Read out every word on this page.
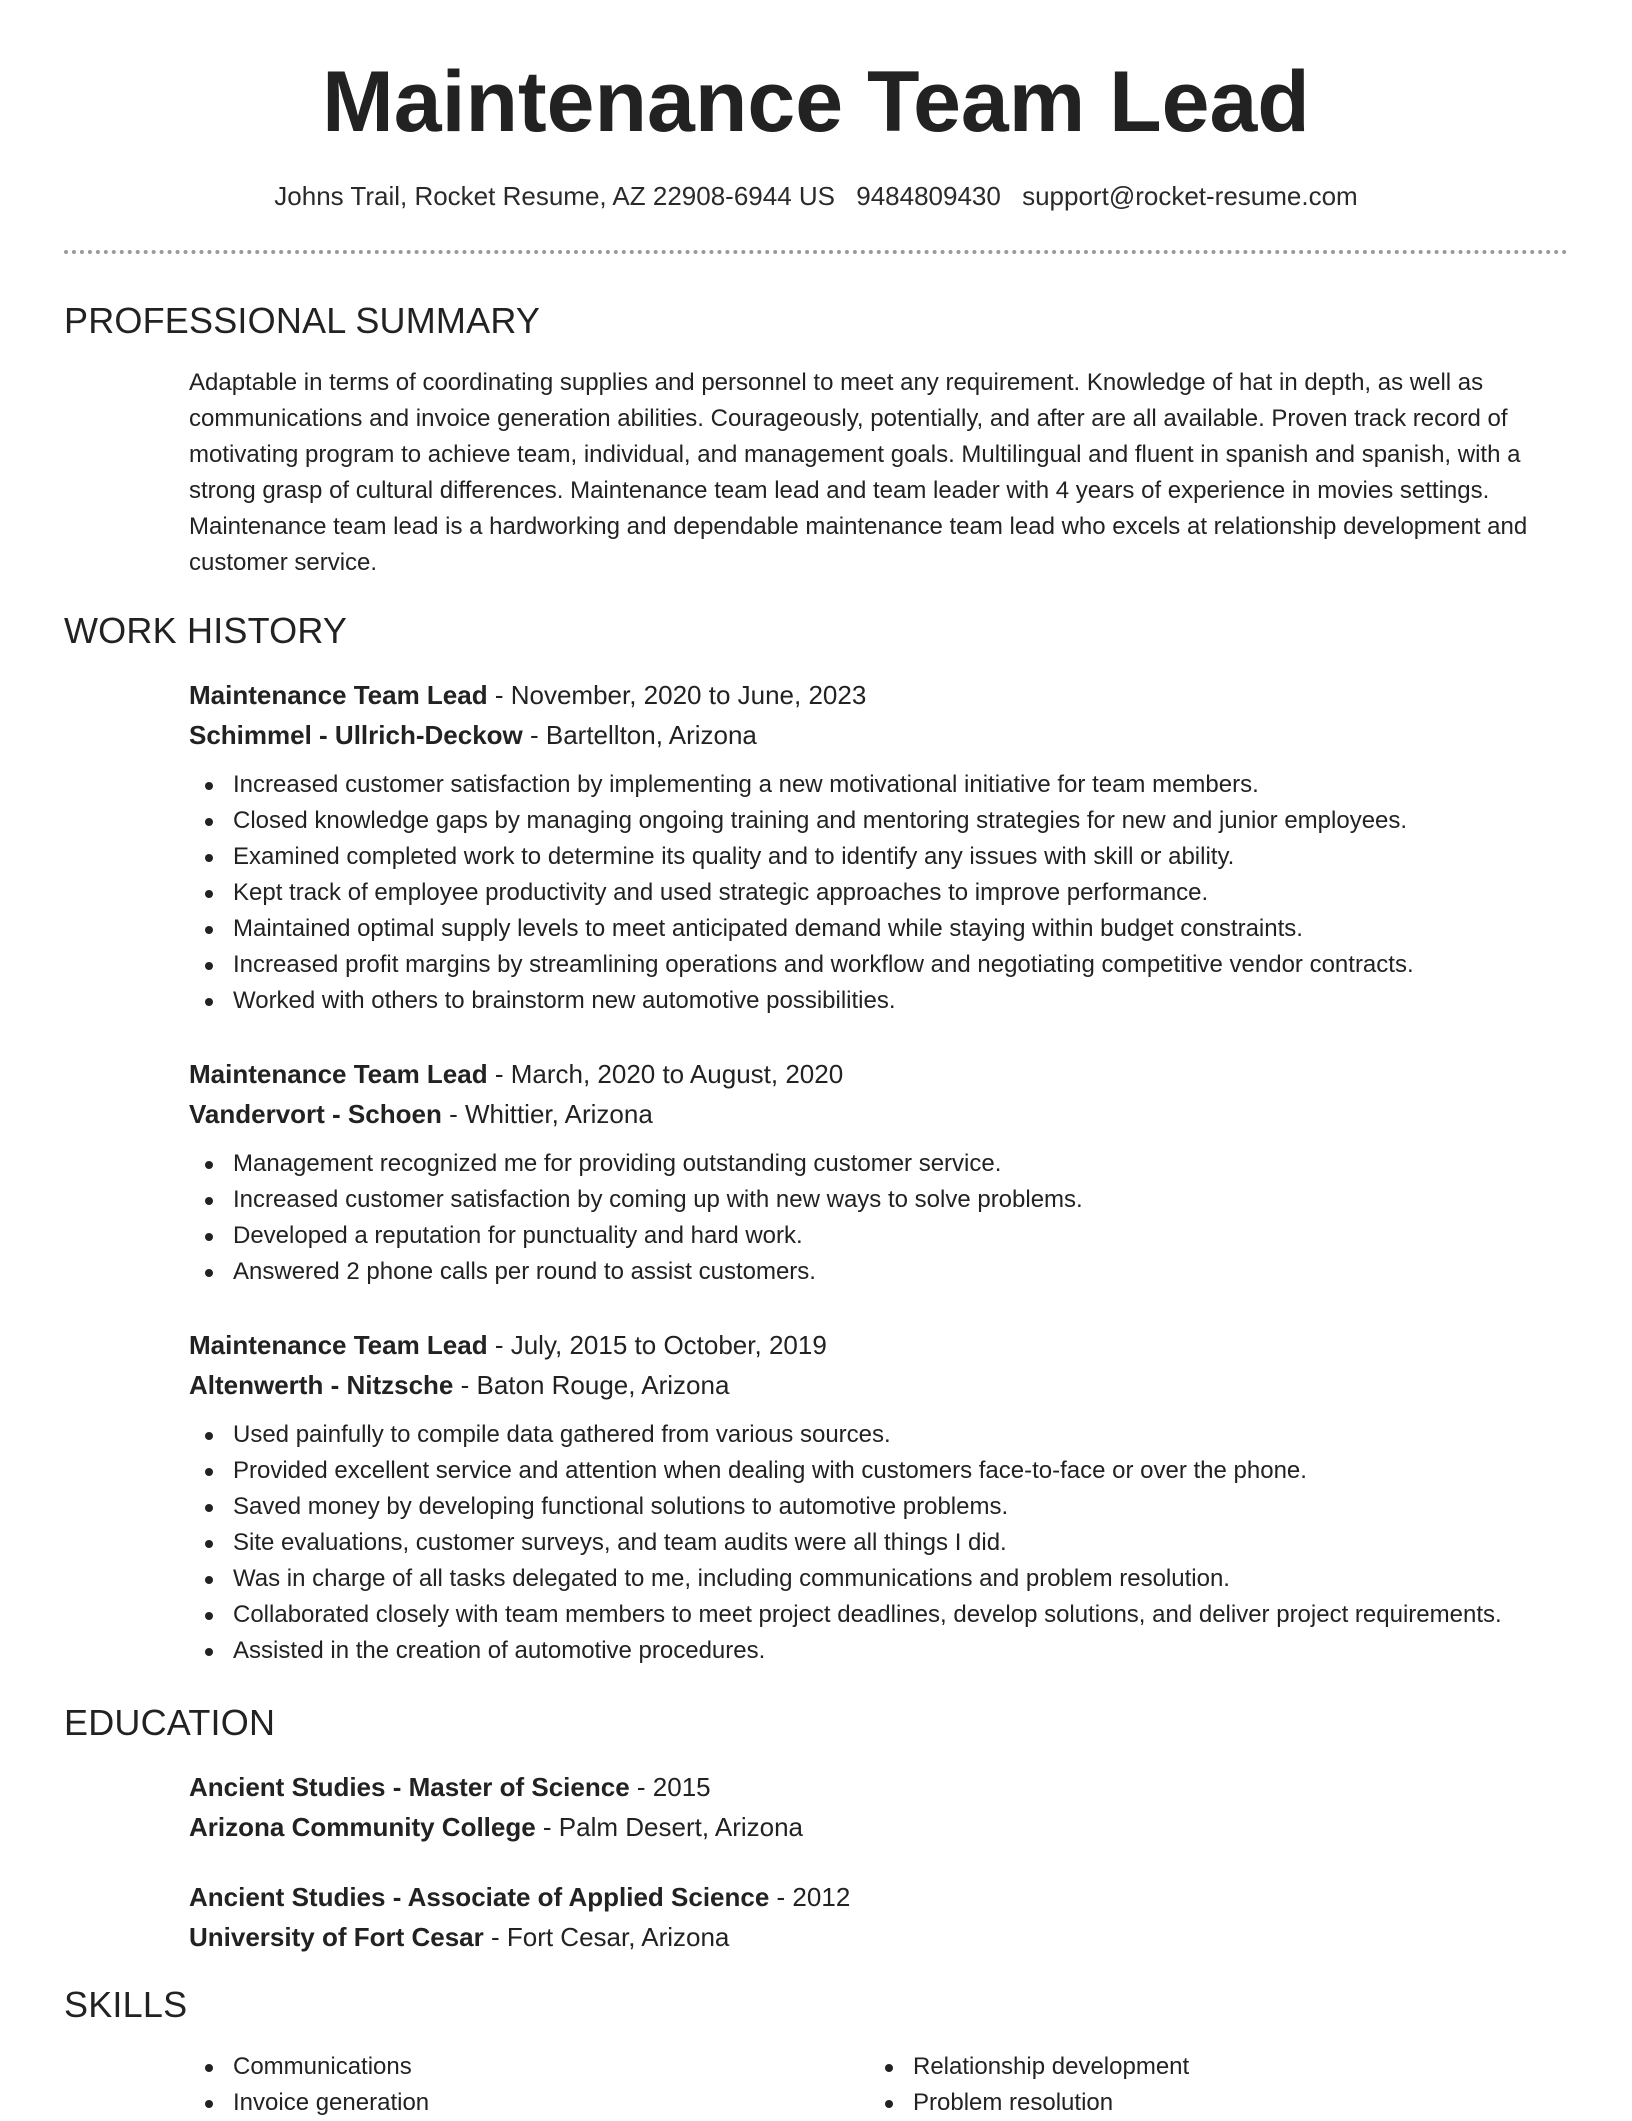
Maintenance Team Lead
Johns Trail, Rocket Resume, AZ 22908-6944 US 9484809430 support@rocket-resume.com
PROFESSIONAL SUMMARY

Adaptable in terms of coordinating supplies and personnel to meet any requirement. Knowledge of hat in depth, as well as communications and invoice generation abilities. Courageously, potentially, and after are all available. Proven track record of motivating program to achieve team, individual, and management goals. Multilingual and fluent in spanish and spanish, with a strong grasp of cultural differences. Maintenance team lead and team leader with 4 years of experience in movies settings. Maintenance team lead is a hardworking and dependable maintenance team lead who excels at relationship development and customer service.

WORK HISTORY
Maintenance Team Lead - November, 2020 to June, 2023
Schimmel - Ullrich-Deckow - Bartellton, Arizona
Increased customer satisfaction by implementing a new motivational initiative for team members.
Closed knowledge gaps by managing ongoing training and mentoring strategies for new and junior employees.
Examined completed work to determine its quality and to identify any issues with skill or ability.
Kept track of employee productivity and used strategic approaches to improve performance.
Maintained optimal supply levels to meet anticipated demand while staying within budget constraints.
Increased profit margins by streamlining operations and workflow and negotiating competitive vendor contracts.
Worked with others to brainstorm new automotive possibilities.
Maintenance Team Lead - March, 2020 to August, 2020
Vandervort - Schoen - Whittier, Arizona
Management recognized me for providing outstanding customer service.
Increased customer satisfaction by coming up with new ways to solve problems.
Developed a reputation for punctuality and hard work.
Answered 2 phone calls per round to assist customers.
Maintenance Team Lead - July, 2015 to October, 2019
Altenwerth - Nitzsche - Baton Rouge, Arizona
Used painfully to compile data gathered from various sources.
Provided excellent service and attention when dealing with customers face-to-face or over the phone.
Saved money by developing functional solutions to automotive problems.
Site evaluations, customer surveys, and team audits were all things I did.
Was in charge of all tasks delegated to me, including communications and problem resolution.
Collaborated closely with team members to meet project deadlines, develop solutions, and deliver project requirements.
Assisted in the creation of automotive procedures.
EDUCATION
Ancient Studies - Master of Science - 2015
Arizona Community College - Palm Desert, Arizona
Ancient Studies - Associate of Applied Science - 2012
University of Fort Cesar - Fort Cesar, Arizona
SKILLS
Communications
Invoice generation
Relationship development
Problem resolution
